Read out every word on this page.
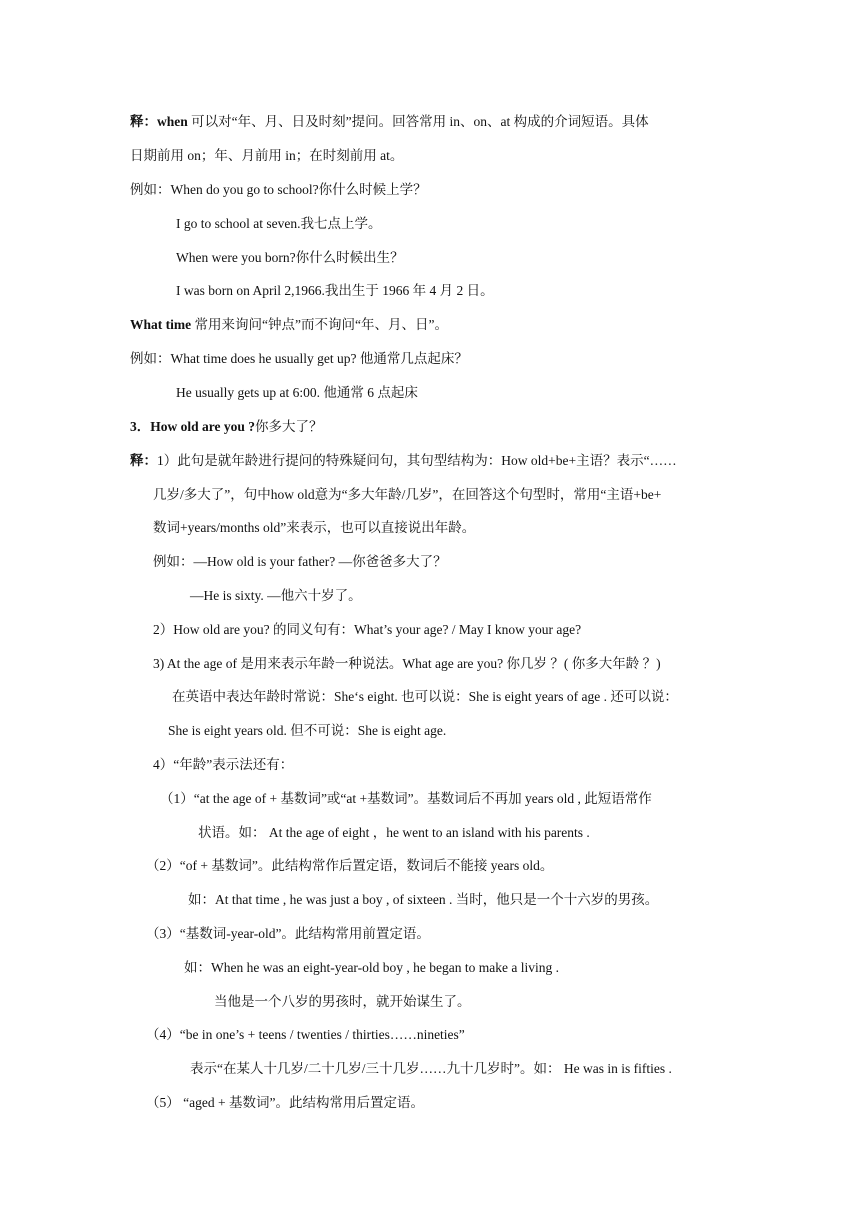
释：when 可以对“年、月、日及时刻”提问。回答常用 in、on、at 构成的介词短语。具体
日期前用 on；年、月前用 in；在时刻前用 at。
例如：When do you go to school?你什么时候上学？
I go to school at seven.我七点上学。
When were you born?你什么时候出生？
I was born on April 2,1966.我出生于 1966 年 4 月 2 日。
What time 常用来询问“钟点”而不询问“年、月、日”。
例如：What time does he usually get up? 他通常几点起床？
He usually gets up at 6:00. 他通常 6 点起床
3．How old are you ?你多大了？
释：1）此句是就年龄进行提问的特殊疑问句，其句型结构为：How old+be+主语？表示“……
几岁/多大了”，句中how old意为“多大年龄/几岁”，在回答这个句型时，常用“主语+be+
数词+years/months old”来表示，也可以直接说出年龄。
例如：—How old is your father? —你爸爸多大了？
—He is sixty. —他六十岁了。
2）How old are you? 的同义句有：What’s your age? / May I know your age?
3) At the age of 是用来表示年龄一种说法。What age are you? 你几岁 ？( 你多大年龄 ？)
在英语中表达年龄时常说：She‘s eight. 也可以说：She is eight years of age . 还可以说：
She is eight years old. 但不可说：She is eight age.
4）“年龄”表示法还有：
（1）“at the age of + 基数词”或“at +基数词”。基数词后不再加 years old , 此短语常作
状语。如： At the age of eight ，he went to an island with his parents .
（2）“of + 基数词”。此结构常作后置定语，数词后不能接 years old。
如：At that time , he was just a boy , of sixteen . 当时，他只是一个十六岁的男孩。
（3）“基数词-year-old”。此结构常用前置定语。
如：When he was an eight-year-old boy , he began to make a living .
当他是一个八岁的男孩时，就开始谋生了。
（4）“be in one’s + teens / twenties / thirties……nineties”
表示“在某人十几岁/二十几岁/三十几岁……九十几岁时”。如： He was in is fifties .
（5） “aged + 基数词”。此结构常用后置定语。
